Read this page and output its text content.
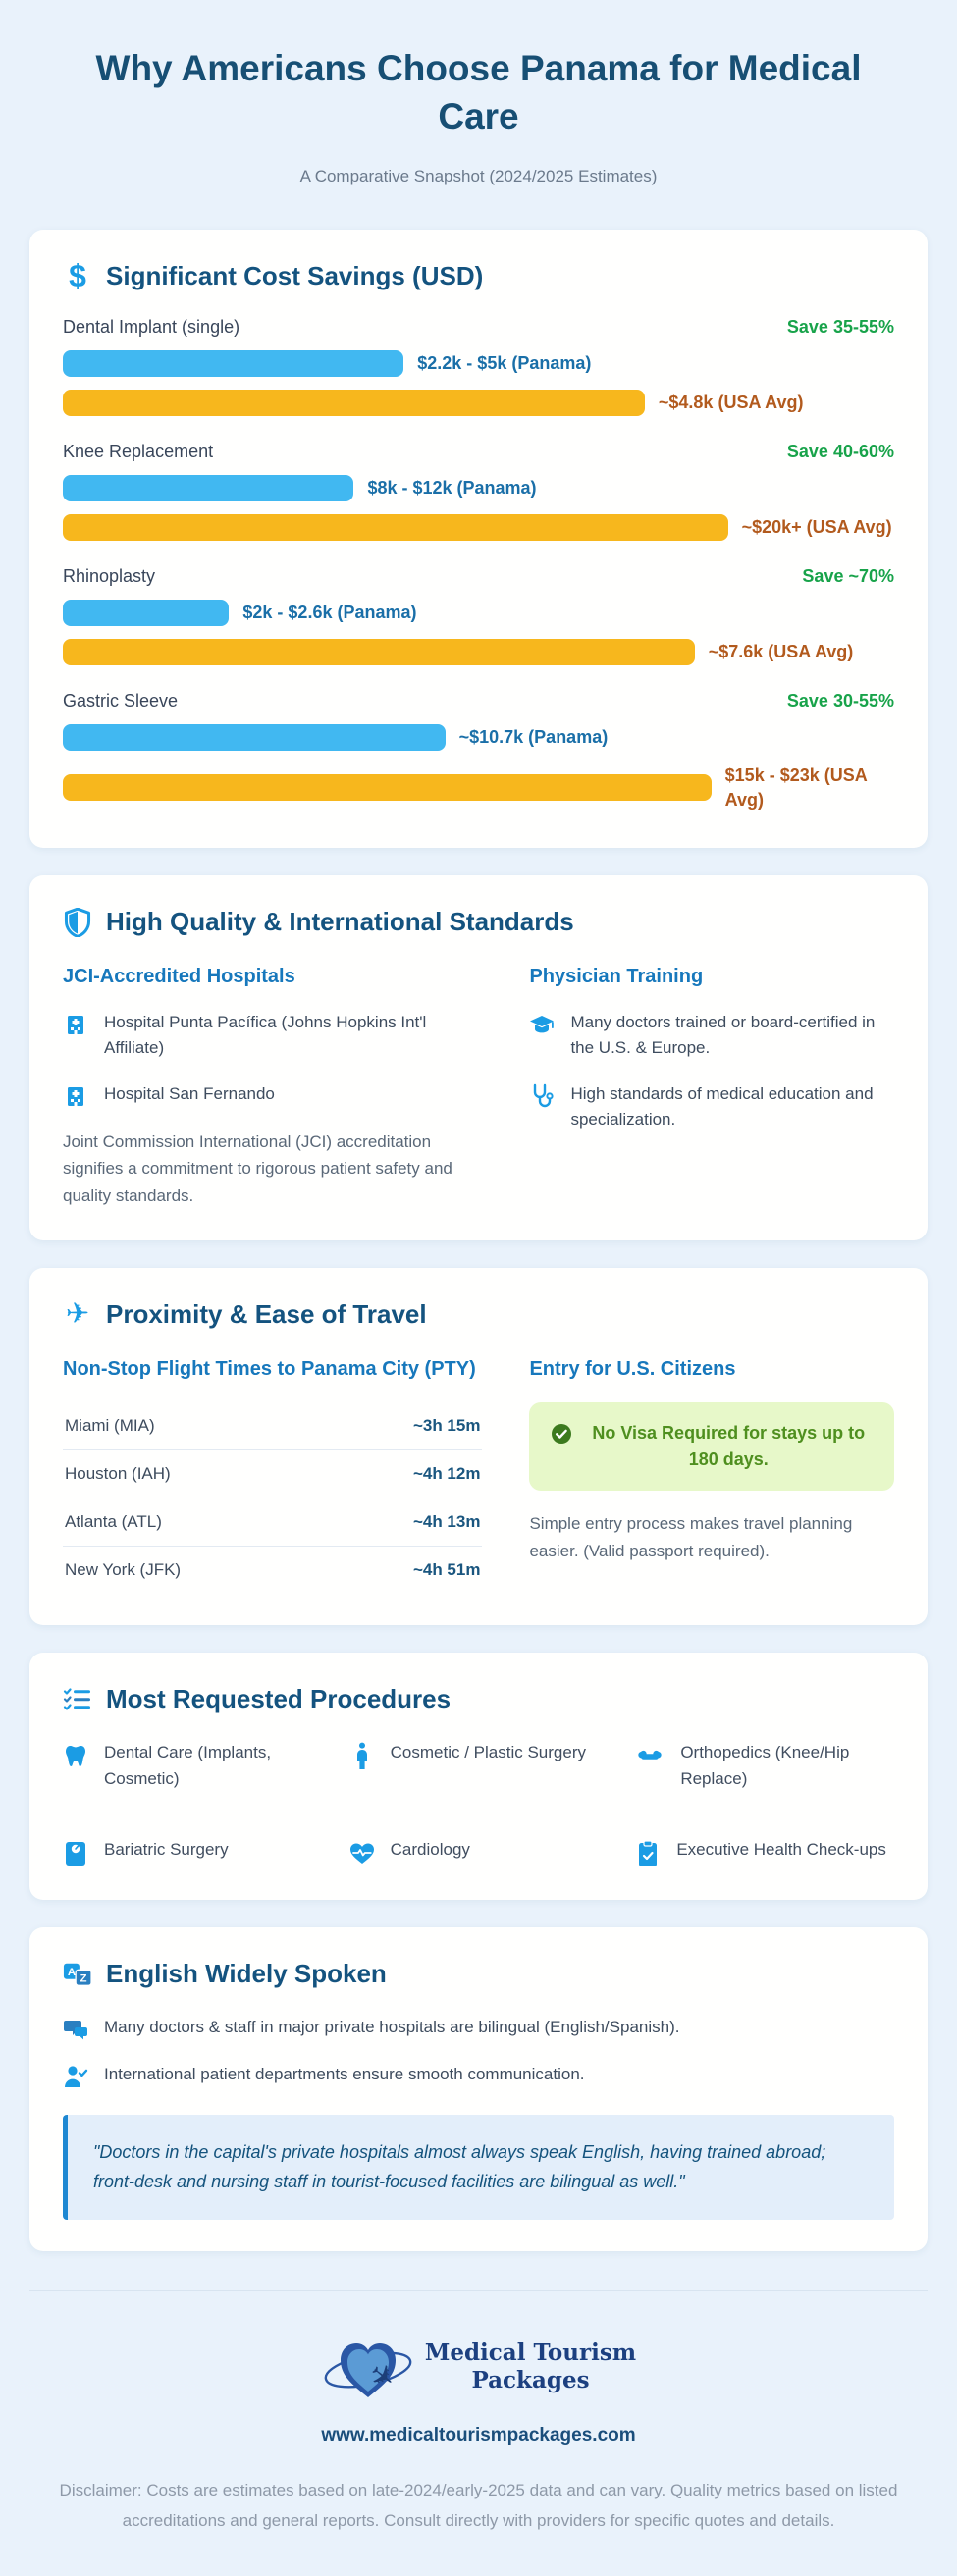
Why Americans Choose Panama for Medical Care
A Comparative Snapshot (2024/2025 Estimates)
$ Significant Cost Savings (USD)
Dental Implant (single)	Save 35-55%
$2.2k - $5k (Panama)
~$4.8k (USA Avg)
Knee Replacement	Save 40-60%
$8k - $12k (Panama)
~$20k+ (USA Avg)
Rhinoplasty	Save ~70%
$2k - $2.6k (Panama)
~$7.6k (USA Avg)
Gastric Sleeve	Save 30-55%
~$10.7k (Panama)
$15k - $23k (USA Avg)
High Quality & International Standards
JCI-Accredited Hospitals

Hospital Punta Pacífica (Johns Hopkins Int'l Affiliate)

Hospital San Fernando

Joint Commission International (JCI) accreditation signifies a commitment to rigorous patient safety and quality standards.

Physician Training

Many doctors trained or board-certified in the U.S. & Europe.

High standards of medical education and specialization.

✈ Proximity & Ease of Travel
Non-Stop Flight Times to Panama City (PTY)
Miami (MIA)	~3h 15m
Houston (IAH)	~4h 12m
Atlanta (ATL)	~4h 13m
New York (JFK)	~4h 51m
Entry for U.S. Citizens
No Visa Required for stays up to 180 days.

Simple entry process makes travel planning easier. (Valid passport required).

Most Requested Procedures

Dental Care (Implants, Cosmetic)

Cosmetic / Plastic Surgery	Orthopedics (Knee/Hip Replace)

Bariatric Surgery	Cardiology	Executive Health Check-ups

A
Z English Widely Spoken

Many doctors & staff in major private hospitals are bilingual (English/Spanish).

International patient departments ensure smooth communication.

"Doctors in the capital's private hospitals almost always speak English, having trained abroad; front-desk and nursing staff in tourist-focused facilities are bilingual as well."
✈
Medical Tourism
Packages
www.medicaltourismpackages.com

Disclaimer: Costs are estimates based on late-2024/early-2025 data and can vary. Quality metrics based on listed accreditations and general reports. Consult directly with providers for specific quotes and details.
